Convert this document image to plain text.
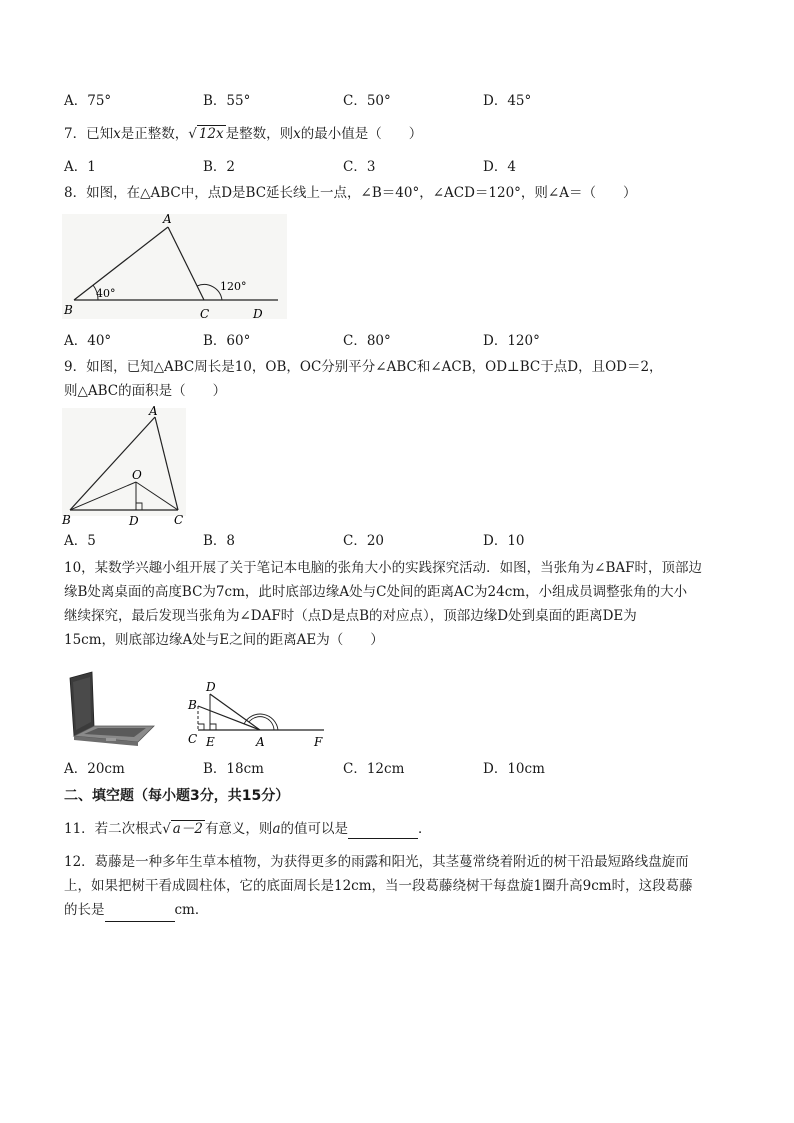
A．75°	B．55°	C．50°	D．45°
7．已知x是正整数，√ 12x 是整数，则x的最小值是（　　）
A．1	B．2	C．3	D．4
8．如图，在△ABC中，点D是BC延长线上一点，∠B＝40°，∠ACD＝120°，则∠A＝（　　）
A
B	C	D
40°
120°
A．40°	B．60°	C．80°	D．120°
9．如图，已知△ABC周长是10，OB，OC分别平分∠ABC和∠ACB，OD⊥BC于点D，且OD＝2，
则△ABC的面积是（　　）
A
O
B	D	C
A．5	B．8	C．20	D．10
10，某数学兴趣小组开展了关于笔记本电脑的张角大小的实践探究活动．如图，当张角为∠BAF时，顶部边
缘B处离桌面的高度BC为7cm，此时底部边缘A处与C处间的距离AC为24cm，小组成员调整张角的大小
继续探究，最后发现当张角为∠DAF时（点D是点B的对应点），顶部边缘D处到桌面的距离DE为
15cm，则底部边缘A处与E之间的距离AE为（　　）
D
B
C E	A	F
A．20cm	B．18cm	C．12cm	D．10cm
二、填空题（每小题3分，共15分）
11．若二次根式√ a－2 有意义，则a的值可以是	．
12．葛藤是一种多年生草本植物，为获得更多的雨露和阳光，其茎蔓常绕着附近的树干沿最短路线盘旋而
上，如果把树干看成圆柱体，它的底面周长是12cm，当一段葛藤绕树干每盘旋1圈升高9cm时，这段葛藤
的长是	cm．
